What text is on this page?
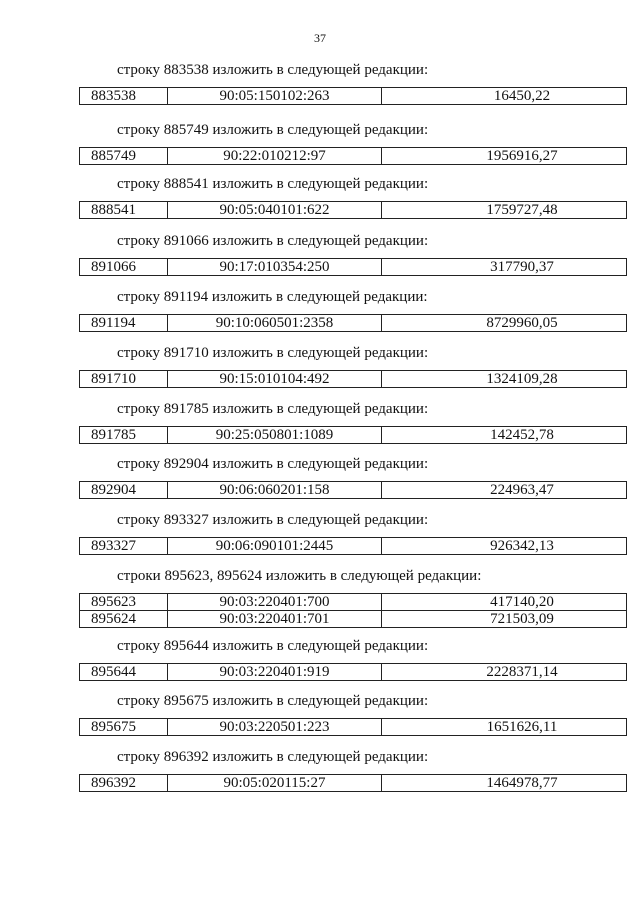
37
строку 883538 изложить в следующей редакции:
883538	90:05:150102:263	16450,22
строку 885749 изложить в следующей редакции:
885749	90:22:010212:97	1956916,27
строку 888541 изложить в следующей редакции:
888541	90:05:040101:622	1759727,48
строку 891066 изложить в следующей редакции:
891066	90:17:010354:250	317790,37
строку 891194 изложить в следующей редакции:
891194	90:10:060501:2358	8729960,05
строку 891710 изложить в следующей редакции:
891710	90:15:010104:492	1324109,28
строку 891785 изложить в следующей редакции:
891785	90:25:050801:1089	142452,78
строку 892904 изложить в следующей редакции:
892904	90:06:060201:158	224963,47
строку 893327 изложить в следующей редакции:
893327	90:06:090101:2445	926342,13
строки 895623, 895624 изложить в следующей редакции:
895623	90:03:220401:700	417140,20
895624	90:03:220401:701	721503,09
строку 895644 изложить в следующей редакции:
895644	90:03:220401:919	2228371,14
строку 895675 изложить в следующей редакции:
895675	90:03:220501:223	1651626,11
строку 896392 изложить в следующей редакции:
896392	90:05:020115:27	1464978,77
